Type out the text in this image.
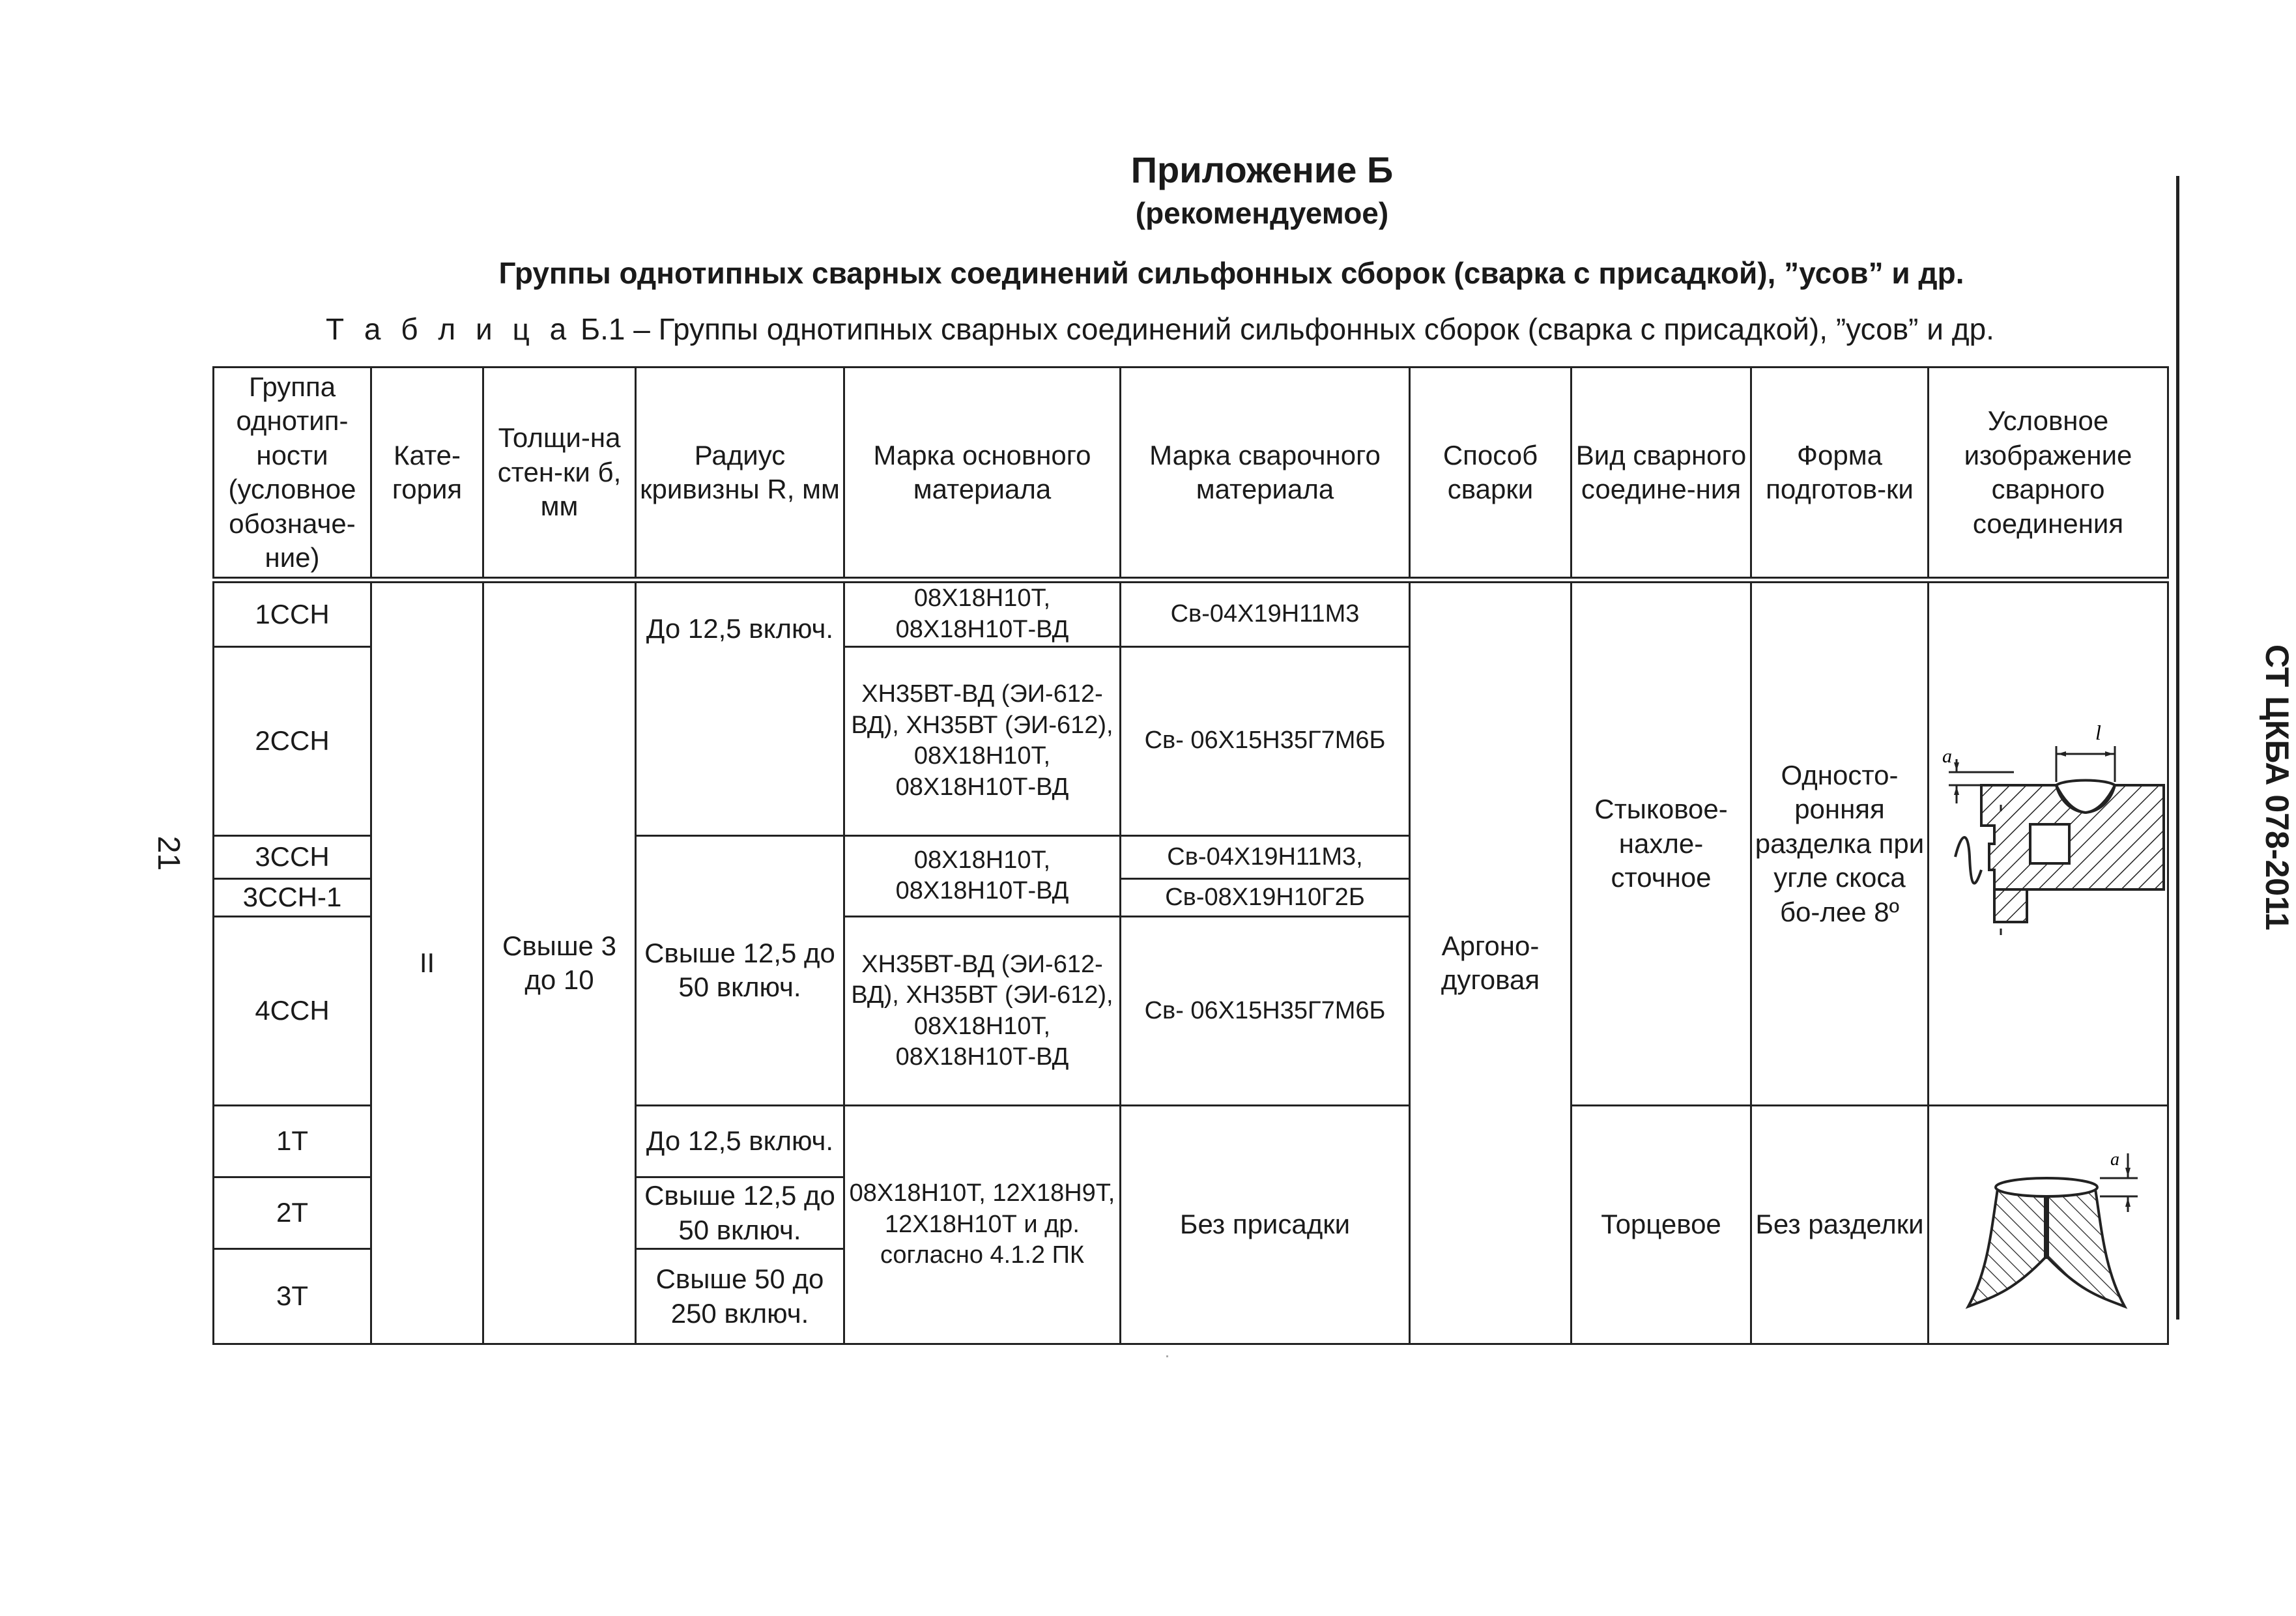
Приложение Б
(рекомендуемое)
Группы однотипных сварных соединений сильфонных сборок (сварка с присадкой), ”усов” и др.
Т а б л и ц а Б.1 – Группы однотипных сварных соединений сильфонных сборок (сварка с присадкой), ”усов” и др.
21	СТ ЦКБА 078-2011
Группа однотип-ности (условное обозначе-ние)	Кате-гория	Толщи-на стен-ки б, мм	Радиус кривизны R, мм	Марка основного материала	Марка сварочного материала	Способ сварки	Вид сварного соедине-ния	Форма подготов-ки	Условное изображение сварного соединения
1ССН	II	Свыше 3 до 10	До 12,5 включ.	08Х18Н10Т, 08Х18Н10Т-ВД	Св-04Х19Н11М3	Аргоно-дуговая	Стыковое-нахле-сточное	Односто-ронняя разделка при угле скоса бо-лее 8º	a
l

2ССН				ХН35ВТ-ВД (ЭИ-612-ВД), ХН35ВТ (ЭИ-612), 08Х18Н10Т, 08Х18Н10Т-ВД	Св- 06Х15Н35Г7М6Б				
3ССН			Свыше 12,5 до 50 включ.	08Х18Н10Т, 08Х18Н10Т-ВД	Св-04Х19Н11М3,				
3ССН-1					Св-08Х19Н10Г2Б				
4ССН				ХН35ВТ-ВД (ЭИ-612-ВД), ХН35ВТ (ЭИ-612), 08Х18Н10Т, 08Х18Н10Т-ВД	Св- 06Х15Н35Г7М6Б				
1Т			До 12,5 включ.	08Х18Н10Т, 12Х18Н9Т, 12Х18Н10Т и др. согласно 4.1.2 ПК	Без присадки		Торцевое	Без разделки	a

2Т			Свыше 12,5 до 50 включ.						
3Т			Свыше 50 до 250 включ.						
